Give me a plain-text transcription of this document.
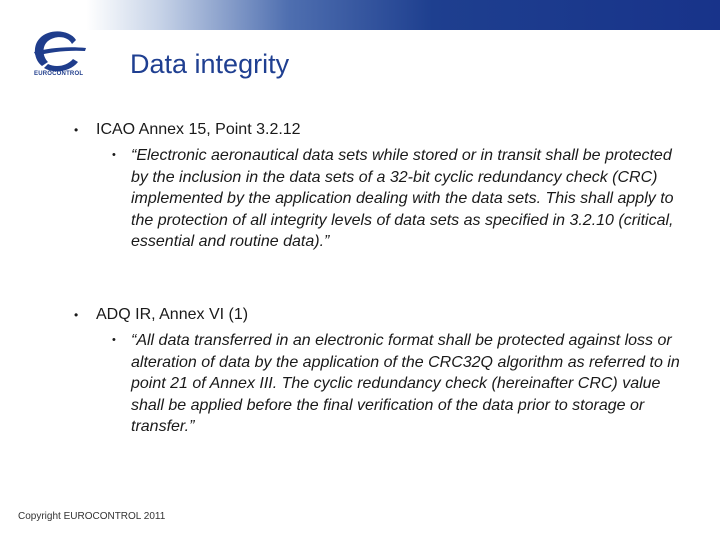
EUROCONTROL Data integrity
• ICAO Annex 15, Point 3.2.12
• “Electronic aeronautical data sets while stored or in transit shall be protected by the inclusion in the data sets of a 32-bit cyclic redundancy check (CRC) implemented by the application dealing with the data sets. This shall apply to the protection of all integrity levels of data sets as specified in 3.2.10 (critical, essential and routine data).”
• ADQ IR, Annex VI (1)
• “All data transferred in an electronic format shall be protected against loss or alteration of data by the application of the CRC32Q algorithm as referred to in point 21 of Annex III. The cyclic redundancy check (hereinafter CRC) value shall be applied before the final verification of the data prior to storage or transfer.”
Copyright EUROCONTROL 2011
